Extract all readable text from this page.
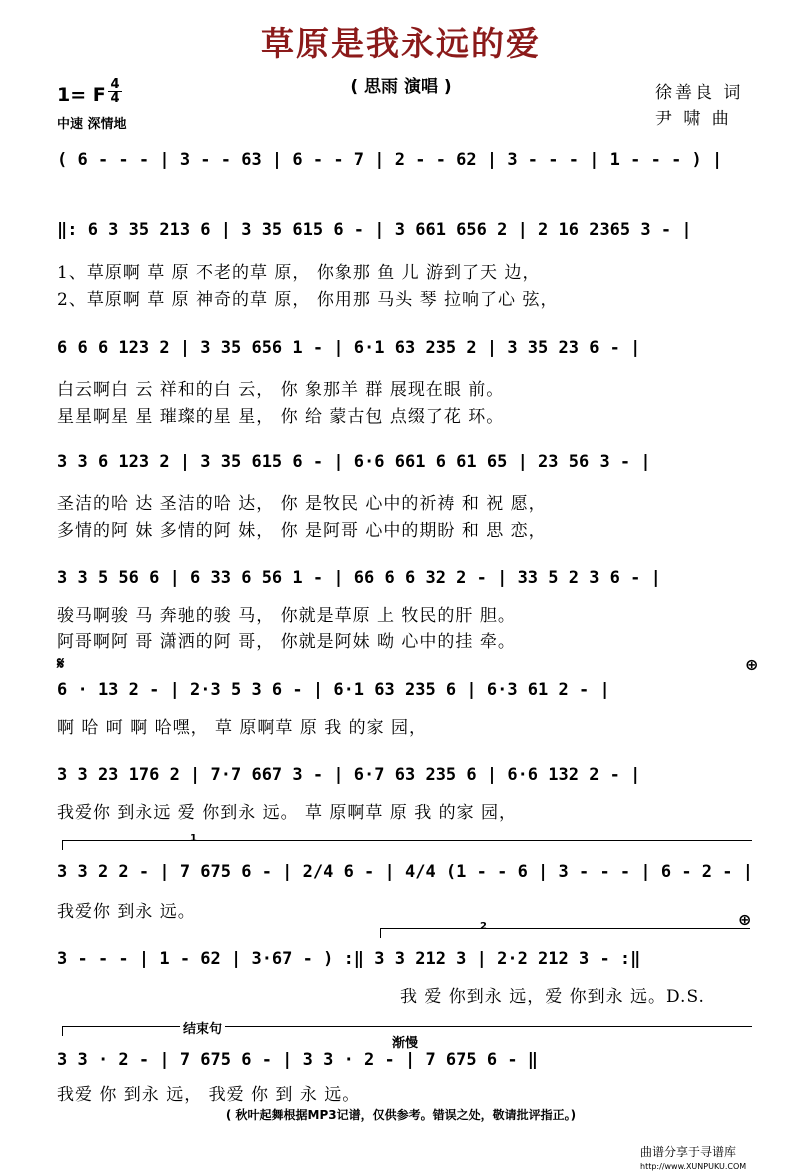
草原是我永远的爱
( 思雨 演唱 )
1= F $\frac{4}{4}$
中速 深情地
徐善良 词
尹 啸 曲
( 6 - - - | 3 - - 63 | 6 - - 7 | 2 - - 62 | 3 - - - | 1 - - - ) |
‖: 6 3 35 213 6 | 3 35 615 6 - | 3 661 656 2 | 2 16 2365 3 - |
1、草原啊 草 原 不老的草 原， 你象那 鱼 儿 游到了天 边，
2、草原啊 草 原 神奇的草 原， 你用那 马头 琴 拉响了心 弦，
6 6 6 123 2 | 3 35 656 1 - | 6·1 63 235 2 | 3 35 23 6 - |
白云啊白 云 祥和的白 云， 你 象那羊 群 展现在眼 前。
星星啊星 星 璀璨的星 星， 你 给 蒙古包 点缀了花 环。
3 3 6 123 2 | 3 35 615 6 - | 6·6 661 6 61 65 | 23 56 3 - |
圣洁的哈 达 圣洁的哈 达， 你 是牧民 心中的祈祷 和 祝 愿，
多情的阿 妹 多情的阿 妹， 你 是阿哥 心中的期盼 和 思 恋，
3 3 5 56 6 | 6 33 6 56 1 - | 66 6 6 32 2 - | 33 5 2 3 6 - |
骏马啊骏 马 奔驰的骏 马， 你就是草原 上 牧民的肝 胆。
阿哥啊阿 哥 潇洒的阿 哥， 你就是阿妹 呦 心中的挂 牵。
𝄋	⊕
6 · 13 2 - | 2·3 5 3 6 - | 6·1 63 235 6 | 6·3 61 2 - |
啊 哈 呵 啊 哈嘿， 草 原啊草 原 我 的家 园，
3 3 23 176 2 | 7·7 667 3 - | 6·7 63 235 6 | 6·6 132 2 - |
我爱你 到永远 爱 你到永 远。 草 原啊草 原 我 的家 园，
1
3 3 2 2 - | 7 675 6 - | 2/4 6 - | 4/4 (1 - - 6 | 3 - - - | 6 - 2 - |
我爱你 到永 远。
2	⊕
3 - - - | 1 - 62 | 3·67 - ) :‖ 3 3 212 3 | 2·2 212 3 - :‖
我 爱 你到永 远，爱 你到永 远。D.S.
结束句
渐慢
3 3 · 2 - | 7 675 6 - | 3 3 · 2 - | 7 675 6 - ‖
我爱 你 到永 远， 我爱 你 到 永 远。
( 秋叶起舞根据MP3记谱，仅供参考。错误之处，敬请批评指正。)
曲谱分享于寻谱库
http://www.XUNPUKU.COM
